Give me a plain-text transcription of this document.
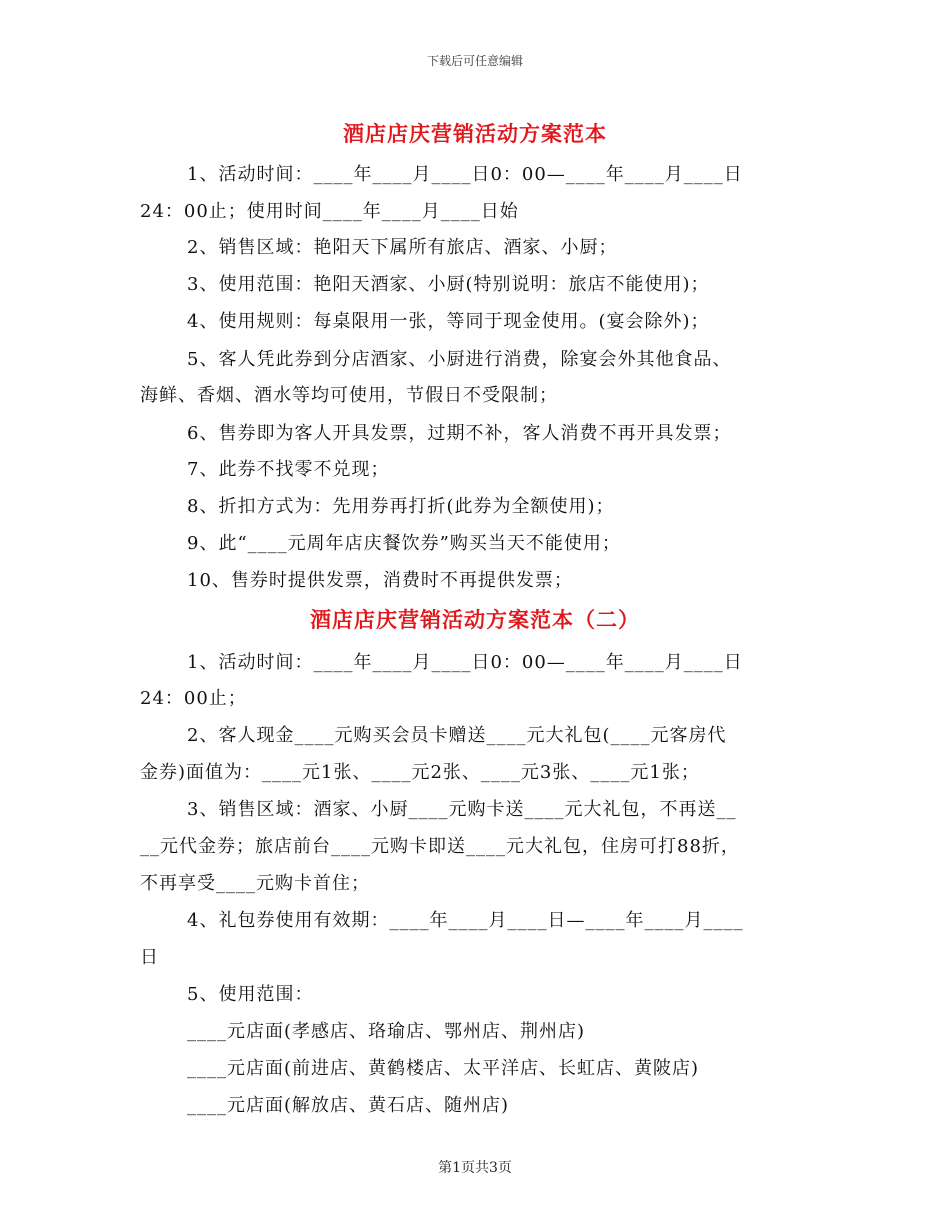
下载后可任意编辑
酒店店庆营销活动方案范本
1、活动时间：____年____月____日0：00—____年____月____日
24：00止；使用时间____年____月____日始
2、销售区域：艳阳天下属所有旅店、酒家、小厨；
3、使用范围：艳阳天酒家、小厨(特别说明：旅店不能使用)；
4、使用规则：每桌限用一张，等同于现金使用。(宴会除外)；
5、客人凭此券到分店酒家、小厨进行消费，除宴会外其他食品、
海鲜、香烟、酒水等均可使用，节假日不受限制；
6、售券即为客人开具发票，过期不补，客人消费不再开具发票；
7、此券不找零不兑现；
8、折扣方式为：先用券再打折(此券为全额使用)；
9、此“____元周年店庆餐饮券”购买当天不能使用；
10、售券时提供发票，消费时不再提供发票；
酒店店庆营销活动方案范本（二）
1、活动时间：____年____月____日0：00—____年____月____日
24：00止；
2、客人现金____元购买会员卡赠送____元大礼包(____元客房代
金券)面值为：____元1张、____元2张、____元3张、____元1张；
3、销售区域：酒家、小厨____元购卡送____元大礼包，不再送__
__元代金券；旅店前台____元购卡即送____元大礼包，住房可打88折，
不再享受____元购卡首住；
4、礼包券使用有效期：____年____月____日—____年____月____
日
5、使用范围：
____元店面(孝感店、珞瑜店、鄂州店、荆州店)
____元店面(前进店、黄鹤楼店、太平洋店、长虹店、黄陂店)
____元店面(解放店、黄石店、随州店)
第1页共3页
